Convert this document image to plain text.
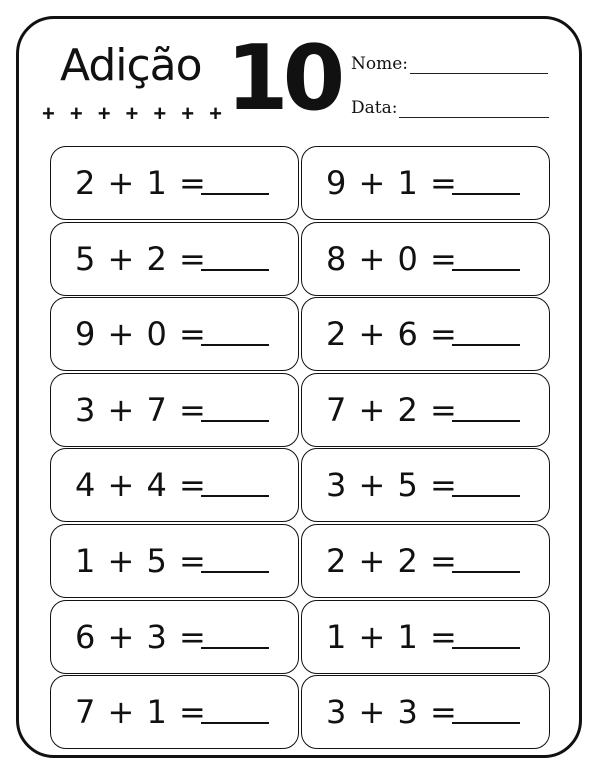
Adição 10
+ + + + + + +
Nome:
Data:
2 + 1 =	9 + 1 =
5 + 2 =	8 + 0 =
9 + 0 =	2 + 6 =
3 + 7 =	7 + 2 =
4 + 4 =	3 + 5 =
1 + 5 =	2 + 2 =
6 + 3 =	1 + 1 =
7 + 1 =	3 + 3 =
